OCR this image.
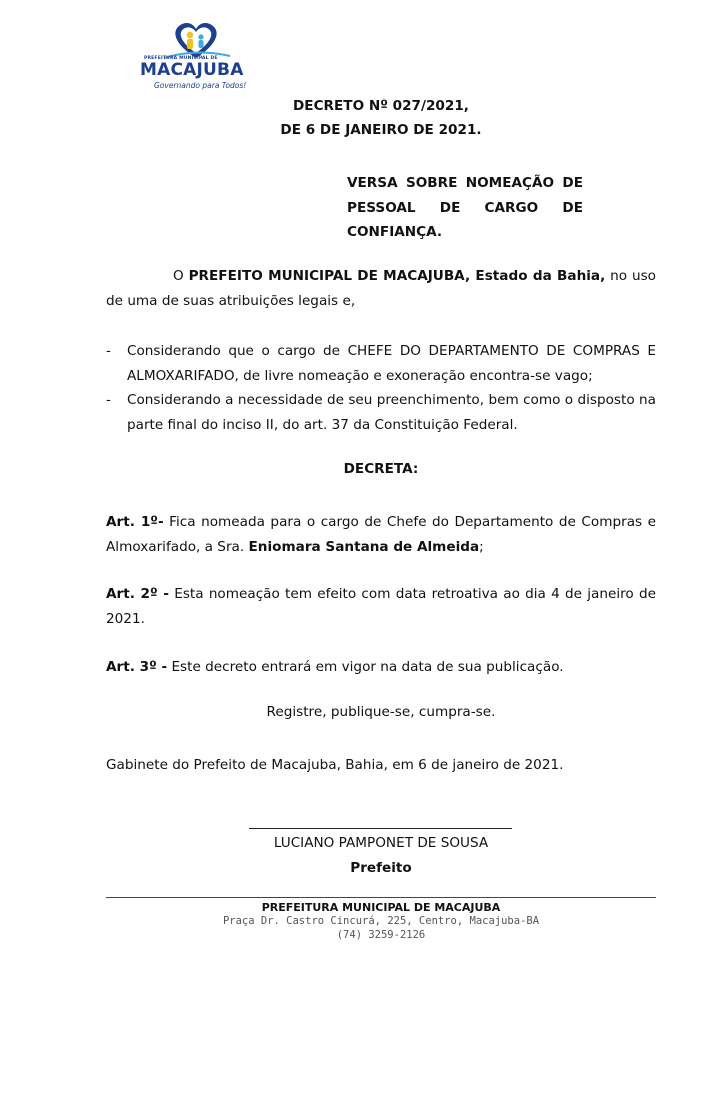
PREFEITURA MUNICIPAL DE
MACAJUBA
Governando para Todos!
DECRETO Nº 027/2021,
DE 6 DE JANEIRO DE 2021.
VERSA SOBRE NOMEAÇÃO DE
PESSOAL DE CARGO DE
CONFIANÇA.
O PREFEITO MUNICIPAL DE MACAJUBA, Estado da Bahia, no uso de uma de suas atribuições legais e,
- Considerando que o cargo de CHEFE DO DEPARTAMENTO DE COMPRAS E ALMOXARIFADO, de livre nomeação e exoneração encontra-se vago;
- Considerando a necessidade de seu preenchimento, bem como o disposto na parte final do inciso II, do art. 37 da Constituição Federal.
DECRETA:
Art. 1º- Fica nomeada para o cargo de Chefe do Departamento de Compras e Almoxarifado, a Sra. Eniomara Santana de Almeida;
Art. 2º - Esta nomeação tem efeito com data retroativa ao dia 4 de janeiro de 2021.
Art. 3º - Este decreto entrará em vigor na data de sua publicação.
Registre, publique-se, cumpra-se.
Gabinete do Prefeito de Macajuba, Bahia, em 6 de janeiro de 2021.
LUCIANO PAMPONET DE SOUSA
Prefeito
PREFEITURA MUNICIPAL DE MACAJUBA
Praça Dr. Castro Cincurá, 225, Centro, Macajuba-BA
(74) 3259-2126
